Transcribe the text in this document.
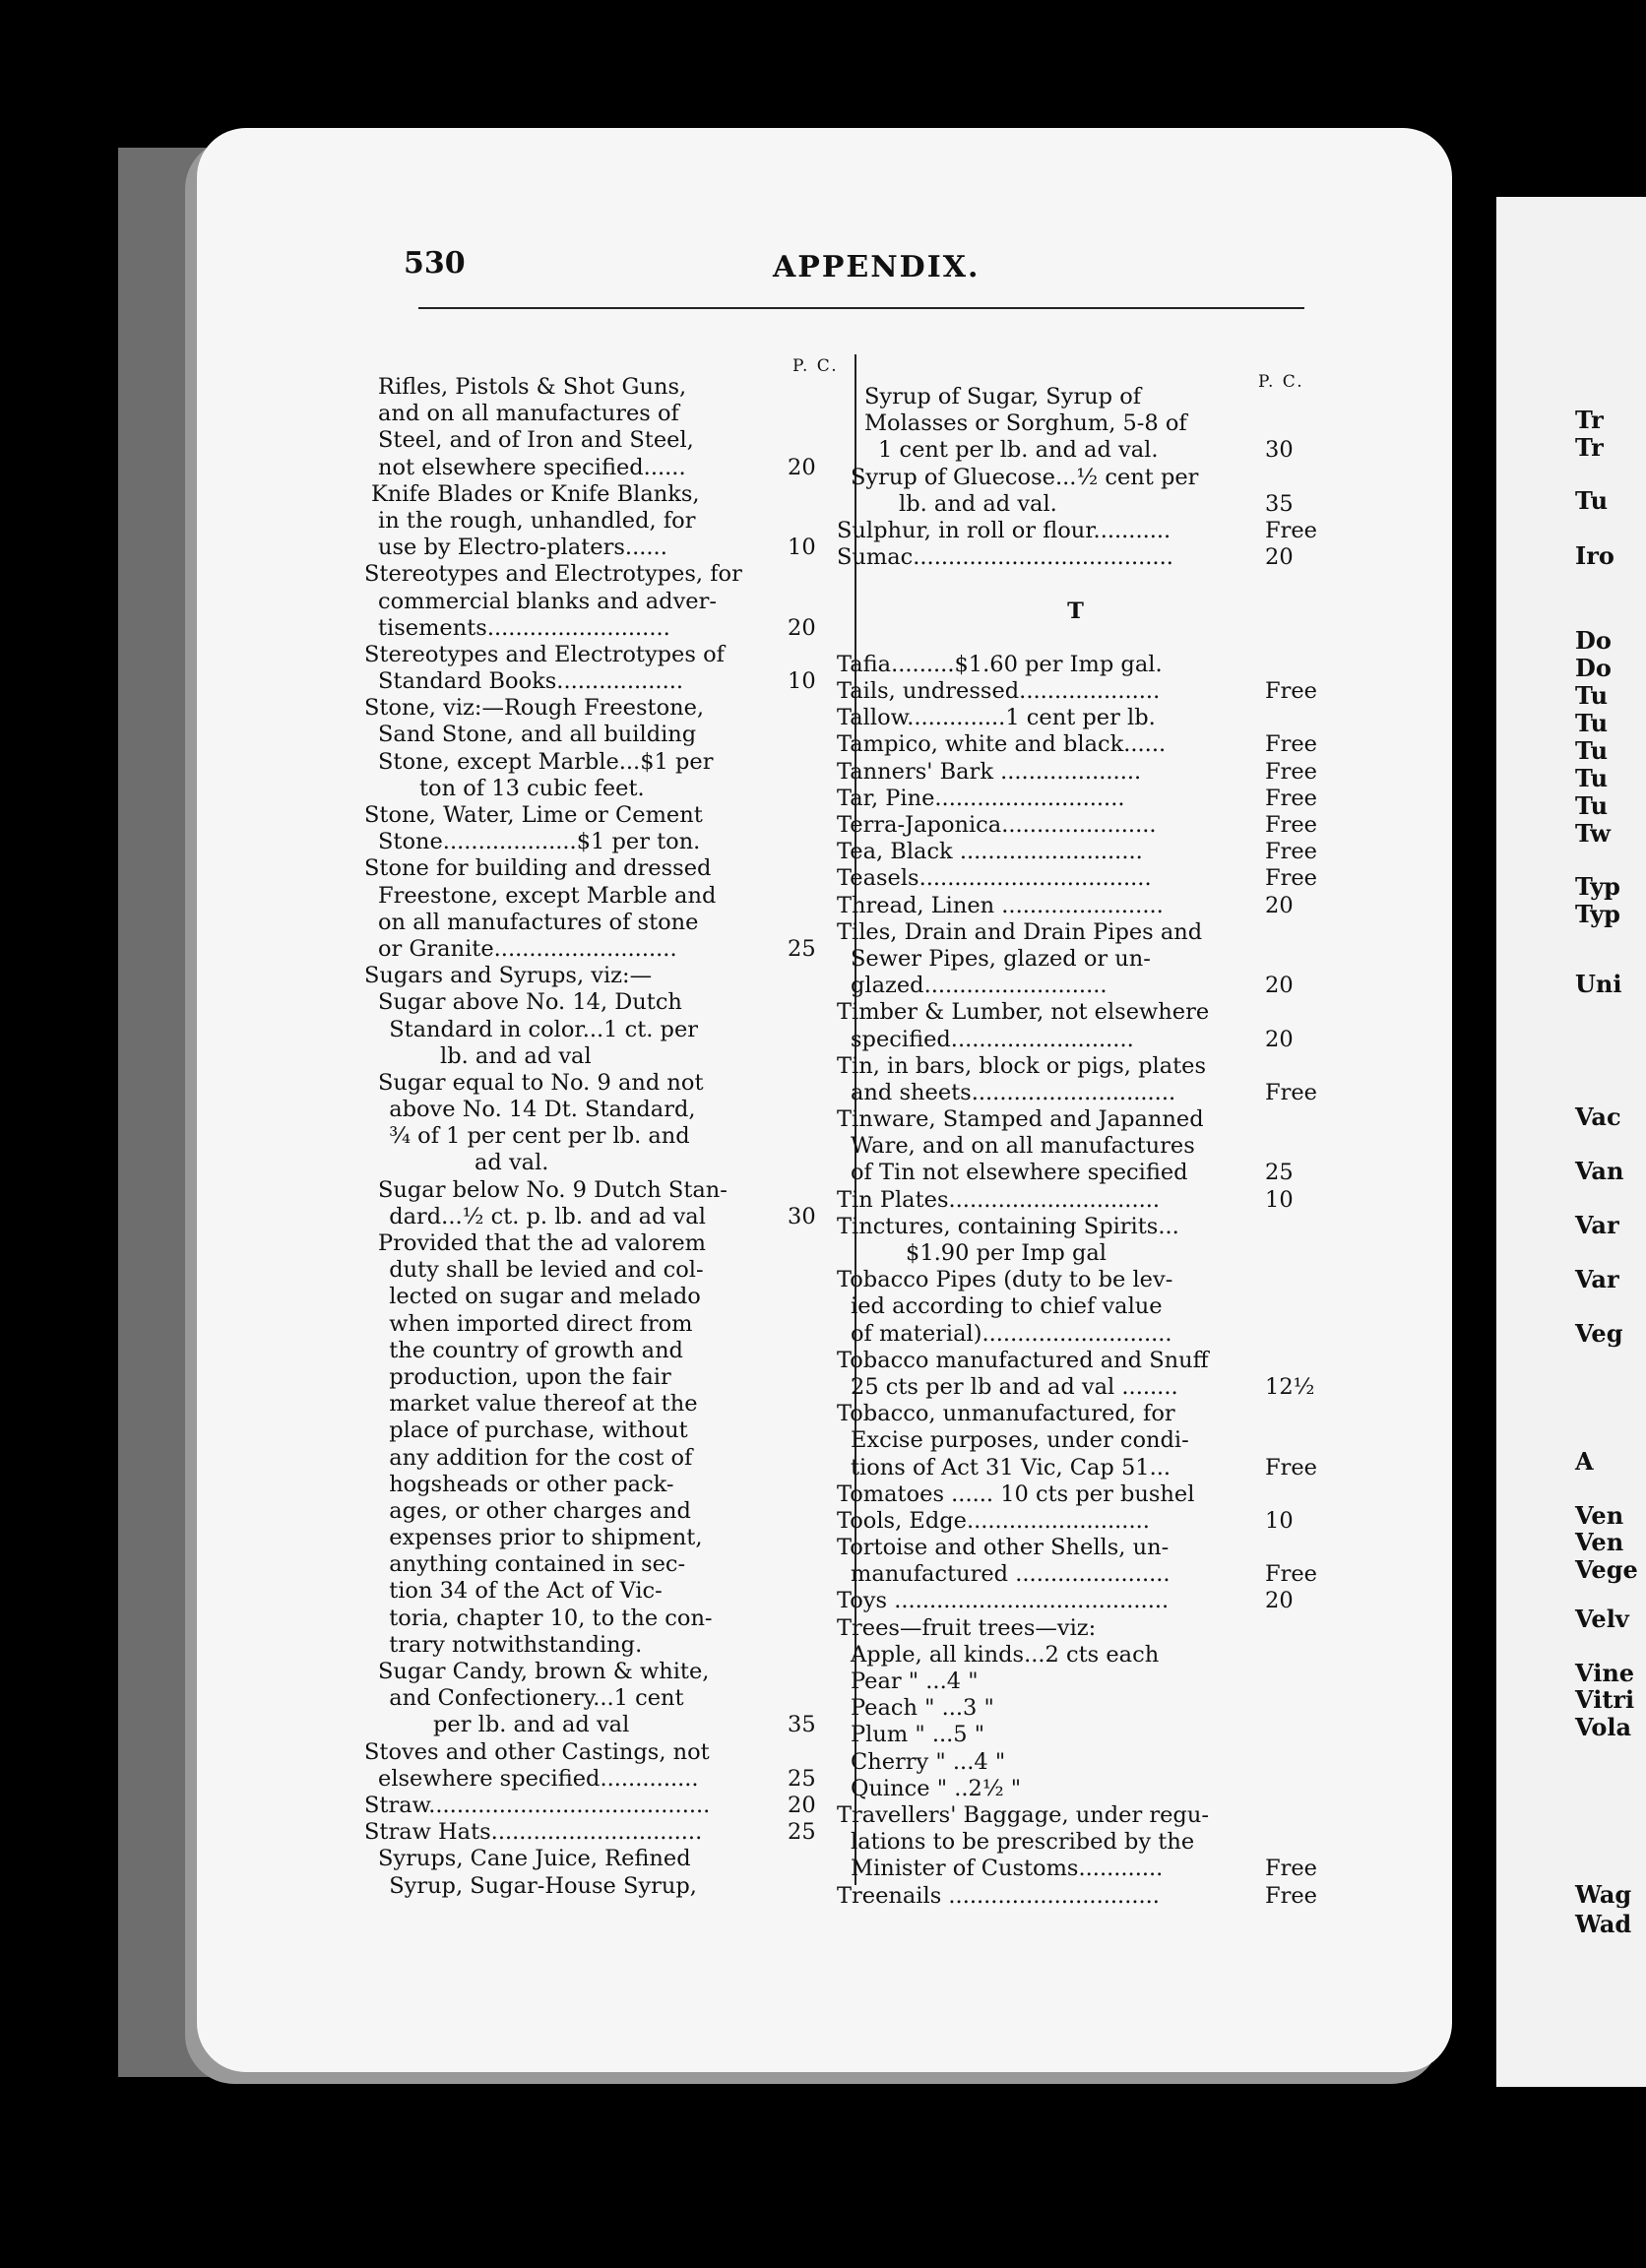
530	APPENDIX.
P. C.
P. C.
Rifles, Pistols & Shot Guns,
and on all manufactures of
Steel, and of Iron and Steel,
not elsewhere specified......	20
Knife Blades or Knife Blanks,
in the rough, unhandled, for
use by Electro-platers......	10
Stereotypes and Electrotypes, for
commercial blanks and adver-
tisements..........................	20
Stereotypes and Electrotypes of
Standard Books..................	10
Stone, viz:—Rough Freestone,
Sand Stone, and all building
Stone, except Marble...$1 per
ton of 13 cubic feet.
Stone, Water, Lime or Cement
Stone...................$1 per ton.
Stone for building and dressed
Freestone, except Marble and
on all manufactures of stone
or Granite..........................	25
Sugars and Syrups, viz:—
Sugar above No. 14, Dutch
Standard in color...1 ct. per
lb. and ad val
Sugar equal to No. 9 and not
above No. 14 Dt. Standard,
¾ of 1 per cent per lb. and
ad val.
Sugar below No. 9 Dutch Stan-
dard...½ ct. p. lb. and ad val	30
Provided that the ad valorem
duty shall be levied and col-
lected on sugar and melado
when imported direct from
the country of growth and
production, upon the fair
market value thereof at the
place of purchase, without
any addition for the cost of
hogsheads or other pack-
ages, or other charges and
expenses prior to shipment,
anything contained in sec-
tion 34 of the Act of Vic-
toria, chapter 10, to the con-
trary notwithstanding.
Sugar Candy, brown & white,
and Confectionery...1 cent
per lb. and ad val	35
Stoves and other Castings, not
elsewhere specified..............	25
Straw........................................	20
Straw Hats..............................	25
Syrups, Cane Juice, Refined
Syrup, Sugar-House Syrup,
Syrup of Sugar, Syrup of
Molasses or Sorghum, 5-8 of
1 cent per lb. and ad val.	30
Syrup of Gluecose...½ cent per
lb. and ad val.	35
Sulphur, in roll or flour...........	Free
Sumac.....................................	20
T
Tafia.........$1.60 per Imp gal.
Tails, undressed....................	Free
Tallow..............1 cent per lb.
Tampico, white and black......	Free
Tanners' Bark ....................	Free
Tar, Pine...........................	Free
Terra-Japonica......................	Free
Tea, Black ..........................	Free
Teasels.................................	Free
Thread, Linen .......................	20
Tiles, Drain and Drain Pipes and
Sewer Pipes, glazed or un-
glazed..........................	20
Timber & Lumber, not elsewhere
specified..........................	20
Tin, in bars, block or pigs, plates
and sheets.............................	Free
Tinware, Stamped and Japanned
Ware, and on all manufactures
of Tin not elsewhere specified	25
Tin Plates..............................	10
Tinctures, containing Spirits...
$1.90 per Imp gal
Tobacco Pipes (duty to be lev-
ied according to chief value
of material)...........................
Tobacco manufactured and Snuff
25 cts per lb and ad val ........	12½
Tobacco, unmanufactured, for
Excise purposes, under condi-
tions of Act 31 Vic, Cap 51...	Free
Tomatoes ...... 10 cts per bushel
Tools, Edge..........................	10
Tortoise and other Shells, un-
manufactured ......................	Free
Toys .......................................	20
Trees—fruit trees—viz:
Apple, all kinds...2 cts each
Pear " ...4 "
Peach " ...3 "
Plum " ...5 "
Cherry " ...4 "
Quince " ..2½ "
Travellers' Baggage, under regu-
lations to be prescribed by the
Minister of Customs............	Free
Treenails ..............................	Free
Tr
Tr
Tu
Iro
Do
Do
Tu
Tu
Tu
Tu
Tu
Tw
Typ
Typ
Uni
Vac
Van
Var
Var
Veg
A
Ven
Ven
Vege
Velv
Vine
Vitri
Vola
Wag
Wad
